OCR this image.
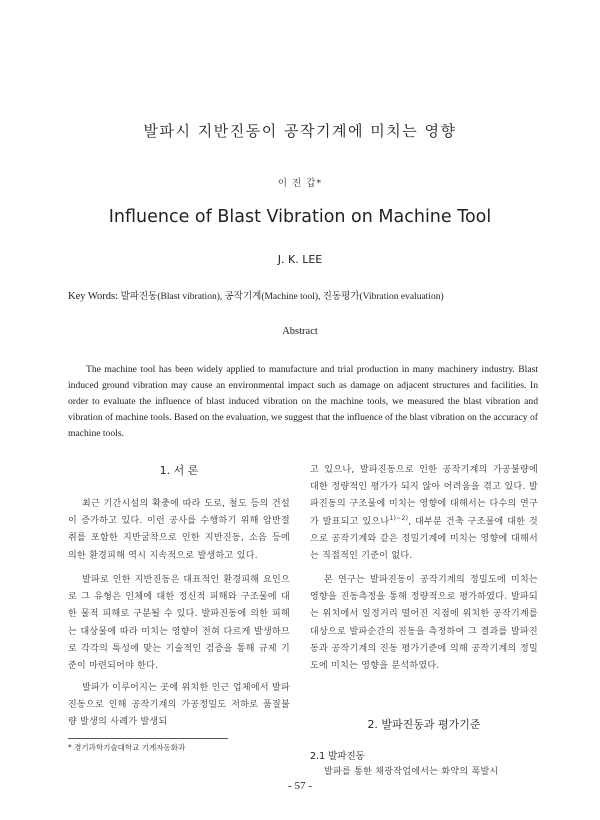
발파시 지반진동이 공작기계에 미치는 영향
이 진 갑*
Influence of Blast Vibration on Machine Tool
J. K. LEE
Key Words: 발파진동(Blast vibration), 공작기계(Machine tool), 진동평가(Vibration evaluation)
Abstract
The machine tool has been widely applied to manufacture and trial production in many machinery industry. Blast induced ground vibration may cause an environmental impact such as damage on adjacent structures and facilities. In order to evaluate the influence of blast induced vibration on the machine tools, we measured the blast vibration and vibration of machine tools. Based on the evaluation, we suggest that the influence of the blast vibration on the accuracy of machine tools.
1. 서 론
최근 기간시설의 확충에 따라 도로, 철도 등의 건설이 증가하고 있다. 이런 공사를 수행하기 위해 암반절취를 포함한 지반굴착으로 인한 지반진동, 소음 등에 의한 환경피해 역시 지속적으로 발생하고 있다.
발파로 인한 지반진동은 대표적인 환경피해 요인으로 그 유형은 인체에 대한 정신적 피해와 구조물에 대한 물적 피해로 구분될 수 있다. 발파진동에 의한 피해는 대상물에 따라 미치는 영향이 전혀 다르게 발생하므로 각각의 특성에 맞는 기술적인 검증을 통해 규제 기준이 마련되어야 한다.
발파가 이루어지는 곳에 위치한 인근 업체에서 발파진동으로 인해 공작기계의 가공정밀도 저하로 품질불량 발생의 사례가 발생되
* 경기과학기술대학교 기계자동화과
고 있으나, 발파진동으로 인한 공작기계의 가공불량에 대한 정량적인 평가가 되지 않아 어려움을 겪고 있다. 발파진동의 구조물에 미치는 영향에 대해서는 다수의 연구가 발표되고 있으나$^{1)\sim 2)}$, 대부분 건축 구조물에 대한 것으로 공작기계와 같은 정밀기계에 미치는 영향에 대해서는 직접적인 기준이 없다.
본 연구는 발파진동이 공작기계의 정밀도에 미치는 영향을 진동측정을 통해 정량적으로 평가하였다. 발파되는 위치에서 일정거리 떨어진 지점에 위치한 공작기계를 대상으로 발파순간의 진동을 측정하여 그 결과를 발파진동과 공작기계의 진동 평가기준에 의해 공작기계의 정밀도에 미치는 영향을 분석하였다.
2. 발파진동과 평가기준
2.1 발파진동
발파를 통한 채광작업에서는 화약의 폭발시
- 57 -
